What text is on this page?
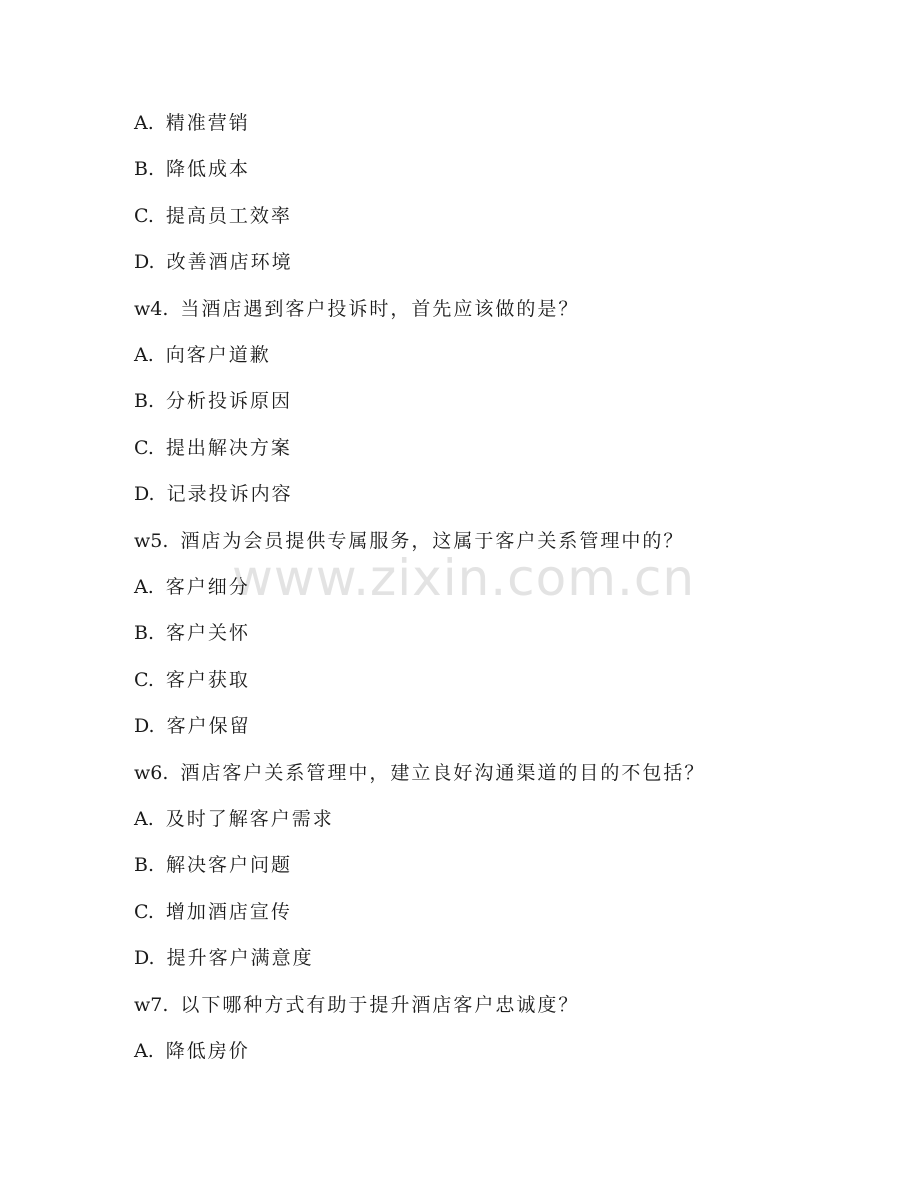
www.zixin.com.cn
A. 精准营销
B. 降低成本
C. 提高员工效率
D. 改善酒店环境
w4. 当酒店遇到客户投诉时，首先应该做的是？
A. 向客户道歉
B. 分析投诉原因
C. 提出解决方案
D. 记录投诉内容
w5. 酒店为会员提供专属服务，这属于客户关系管理中的？
A. 客户细分
B. 客户关怀
C. 客户获取
D. 客户保留
w6. 酒店客户关系管理中，建立良好沟通渠道的目的不包括？
A. 及时了解客户需求
B. 解决客户问题
C. 增加酒店宣传
D. 提升客户满意度
w7. 以下哪种方式有助于提升酒店客户忠诚度？
A. 降低房价
